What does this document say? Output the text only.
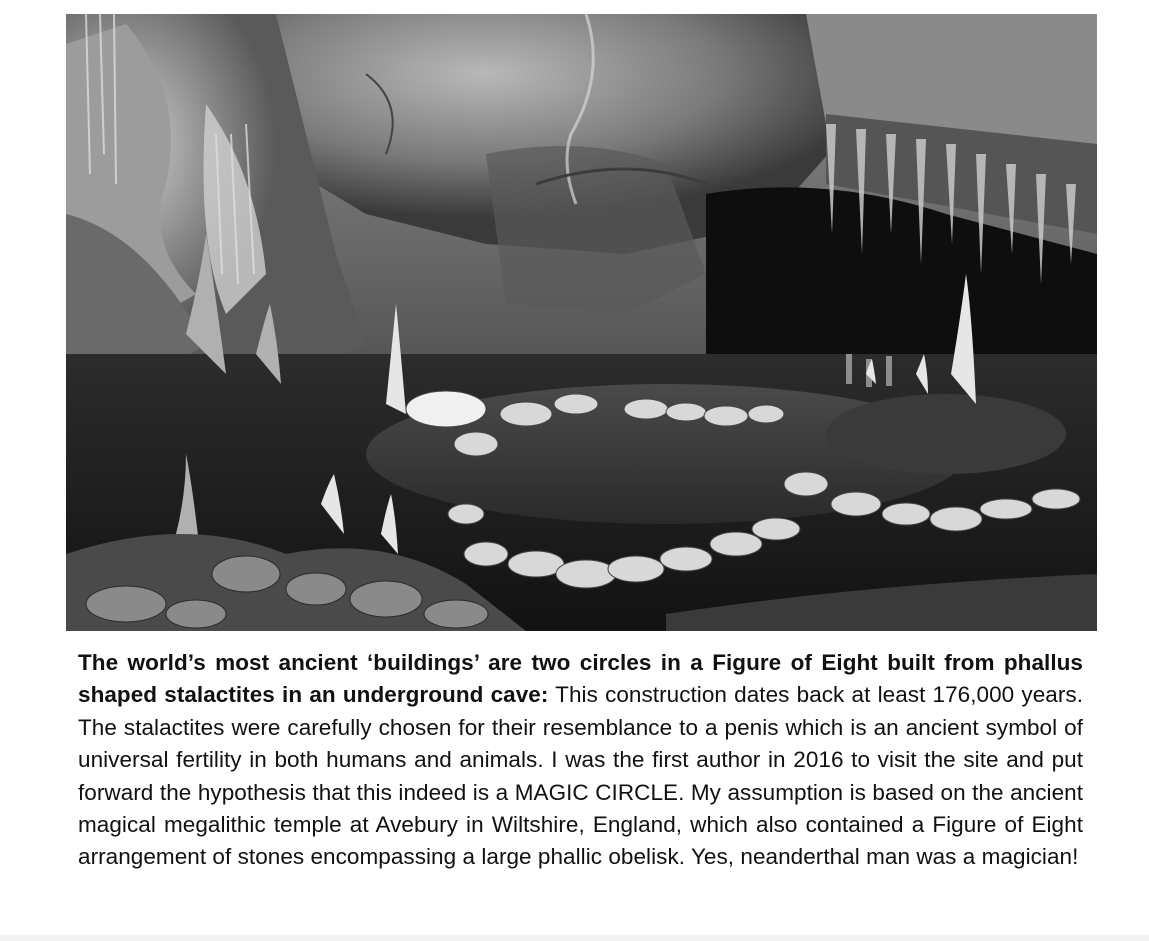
The world’s most ancient ‘buildings’ are two circles in a Figure of Eight built from phallus shaped stalactites in an underground cave: This construction dates back at least 176,000 years. The stalactites were carefully chosen for their resemblance to a penis which is an ancient symbol of universal fertility in both humans and animals. I was the first author in 2016 to visit the site and put forward the hypothesis that this indeed is a MAGIC CIRCLE. My assumption is based on the ancient magical megalithic temple at Avebury in Wiltshire, England, which also contained a Figure of Eight arrangement of stones encompassing a large phallic obelisk. Yes, neanderthal man was a magician!
